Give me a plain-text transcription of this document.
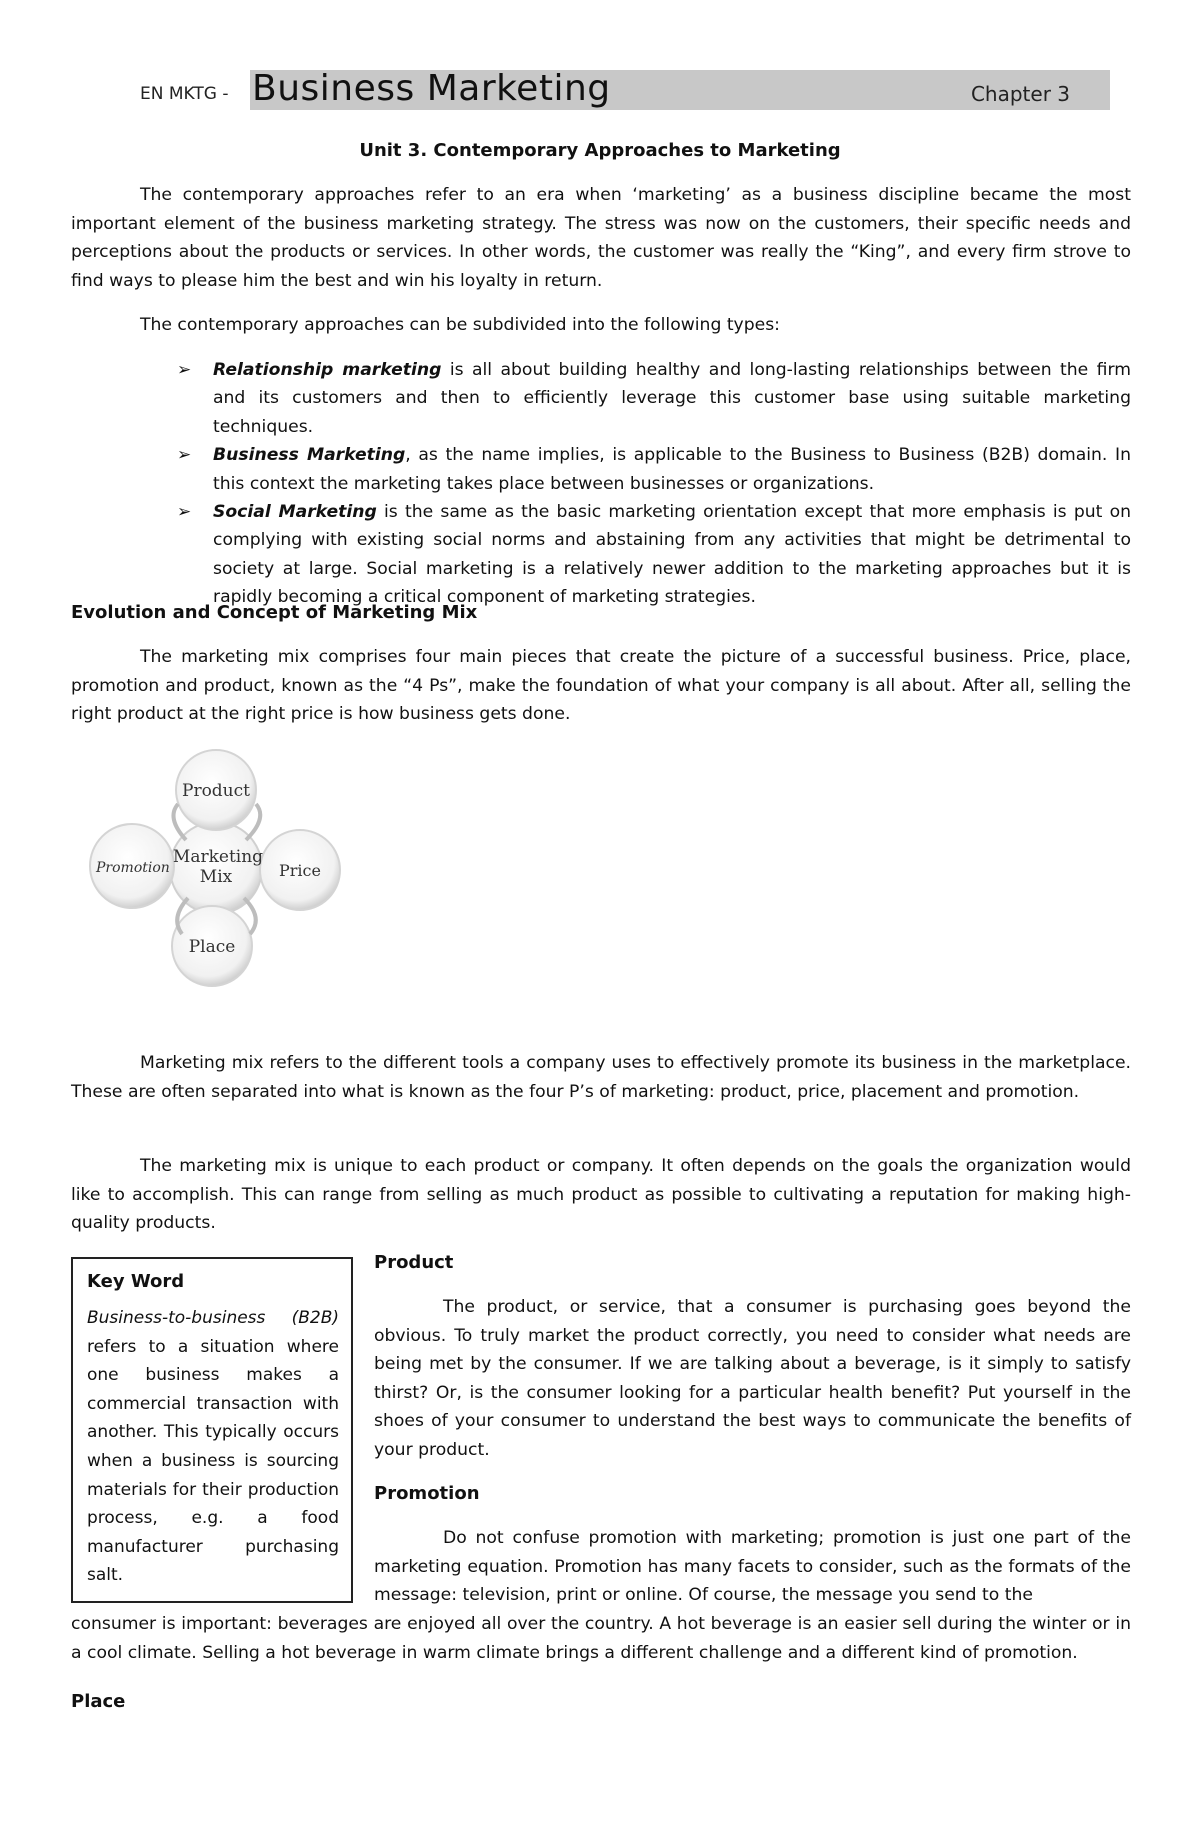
EN MKTG - Business Marketing	Chapter 3
Unit 3. Contemporary Approaches to Marketing

The contemporary approaches refer to an era when ‘marketing’ as a business discipline became the most important element of the business marketing strategy. The stress was now on the customers, their specific needs and perceptions about the products or services. In other words, the customer was really the “King”, and every firm strove to find ways to please him the best and win his loyalty in return.

The contemporary approaches can be subdivided into the following types:

➢ Relationship marketing is all about building healthy and long-lasting relationships between the firm and its customers and then to efficiently leverage this customer base using suitable marketing techniques.
➢ Business Marketing, as the name implies, is applicable to the Business to Business (B2B) domain. In this context the marketing takes place between businesses or organizations.
➢ Social Marketing is the same as the basic marketing orientation except that more emphasis is put on complying with existing social norms and abstaining from any activities that might be detrimental to society at large. Social marketing is a relatively newer addition to the marketing approaches but it is rapidly becoming a critical component of marketing strategies.
Evolution and Concept of Marketing Mix

The marketing mix comprises four main pieces that create the picture of a successful business. Price, place, promotion and product, known as the “4 Ps”, make the foundation of what your company is all about. After all, selling the right product at the right price is how business gets done.

Marketing
Mix
Product
Price
Place
Promotion

Marketing mix refers to the different tools a company uses to effectively promote its business in the marketplace. These are often separated into what is known as the four P’s of marketing: product, price, placement and promotion.

The marketing mix is unique to each product or company. It often depends on the goals the organization would like to accomplish. This can range from selling as much product as possible to cultivating a reputation for making high-quality products.

Key Word
Business-to-business (B2B) refers to a situation where one business makes a commercial transaction with another. This typically occurs when a business is sourcing materials for their production process, e.g. a food manufacturer purchasing salt.
Product

The product, or service, that a consumer is purchasing goes beyond the obvious. To truly market the product correctly, you need to consider what needs are being met by the consumer. If we are talking about a beverage, is it simply to satisfy thirst? Or, is the consumer looking for a particular health benefit? Put yourself in the shoes of your consumer to understand the best ways to communicate the benefits of your product.

Promotion

Do not confuse promotion with marketing; promotion is just one part of the marketing equation. Promotion has many facets to consider, such as the formats of the message: television, print or online. Of course, the message you send to the

consumer is important: beverages are enjoyed all over the country. A hot beverage is an easier sell during the winter or in a cool climate. Selling a hot beverage in warm climate brings a different challenge and a different kind of promotion.

Place
